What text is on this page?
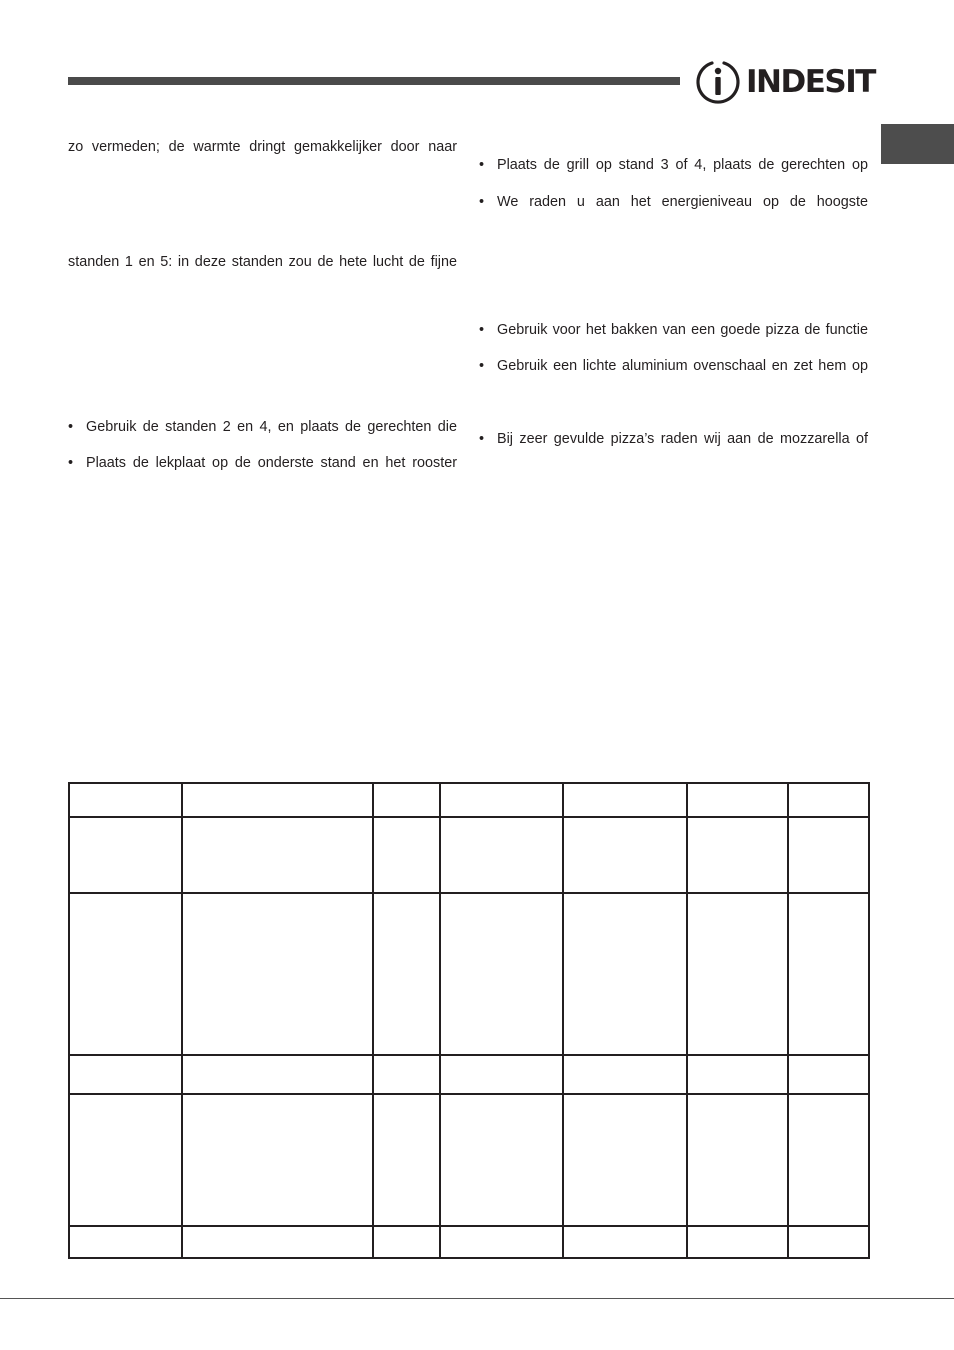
INDESIT
zo vermeden; de warmte dringt gemakkelijker door naar
standen 1 en 5: in deze standen zou de hete lucht de fijne
• Gebruik de standen 2 en 4, en plaats de gerechten die
• Plaats de lekplaat op de onderste stand en het rooster
• Plaats de grill op stand 3 of 4, plaats de gerechten op
• We raden u aan het energieniveau op de hoogste
• Gebruik voor het bakken van een goede pizza de functie
• Gebruik een lichte aluminium ovenschaal en zet hem op
• Bij zeer gevulde pizza’s raden wij aan de mozzarella of
